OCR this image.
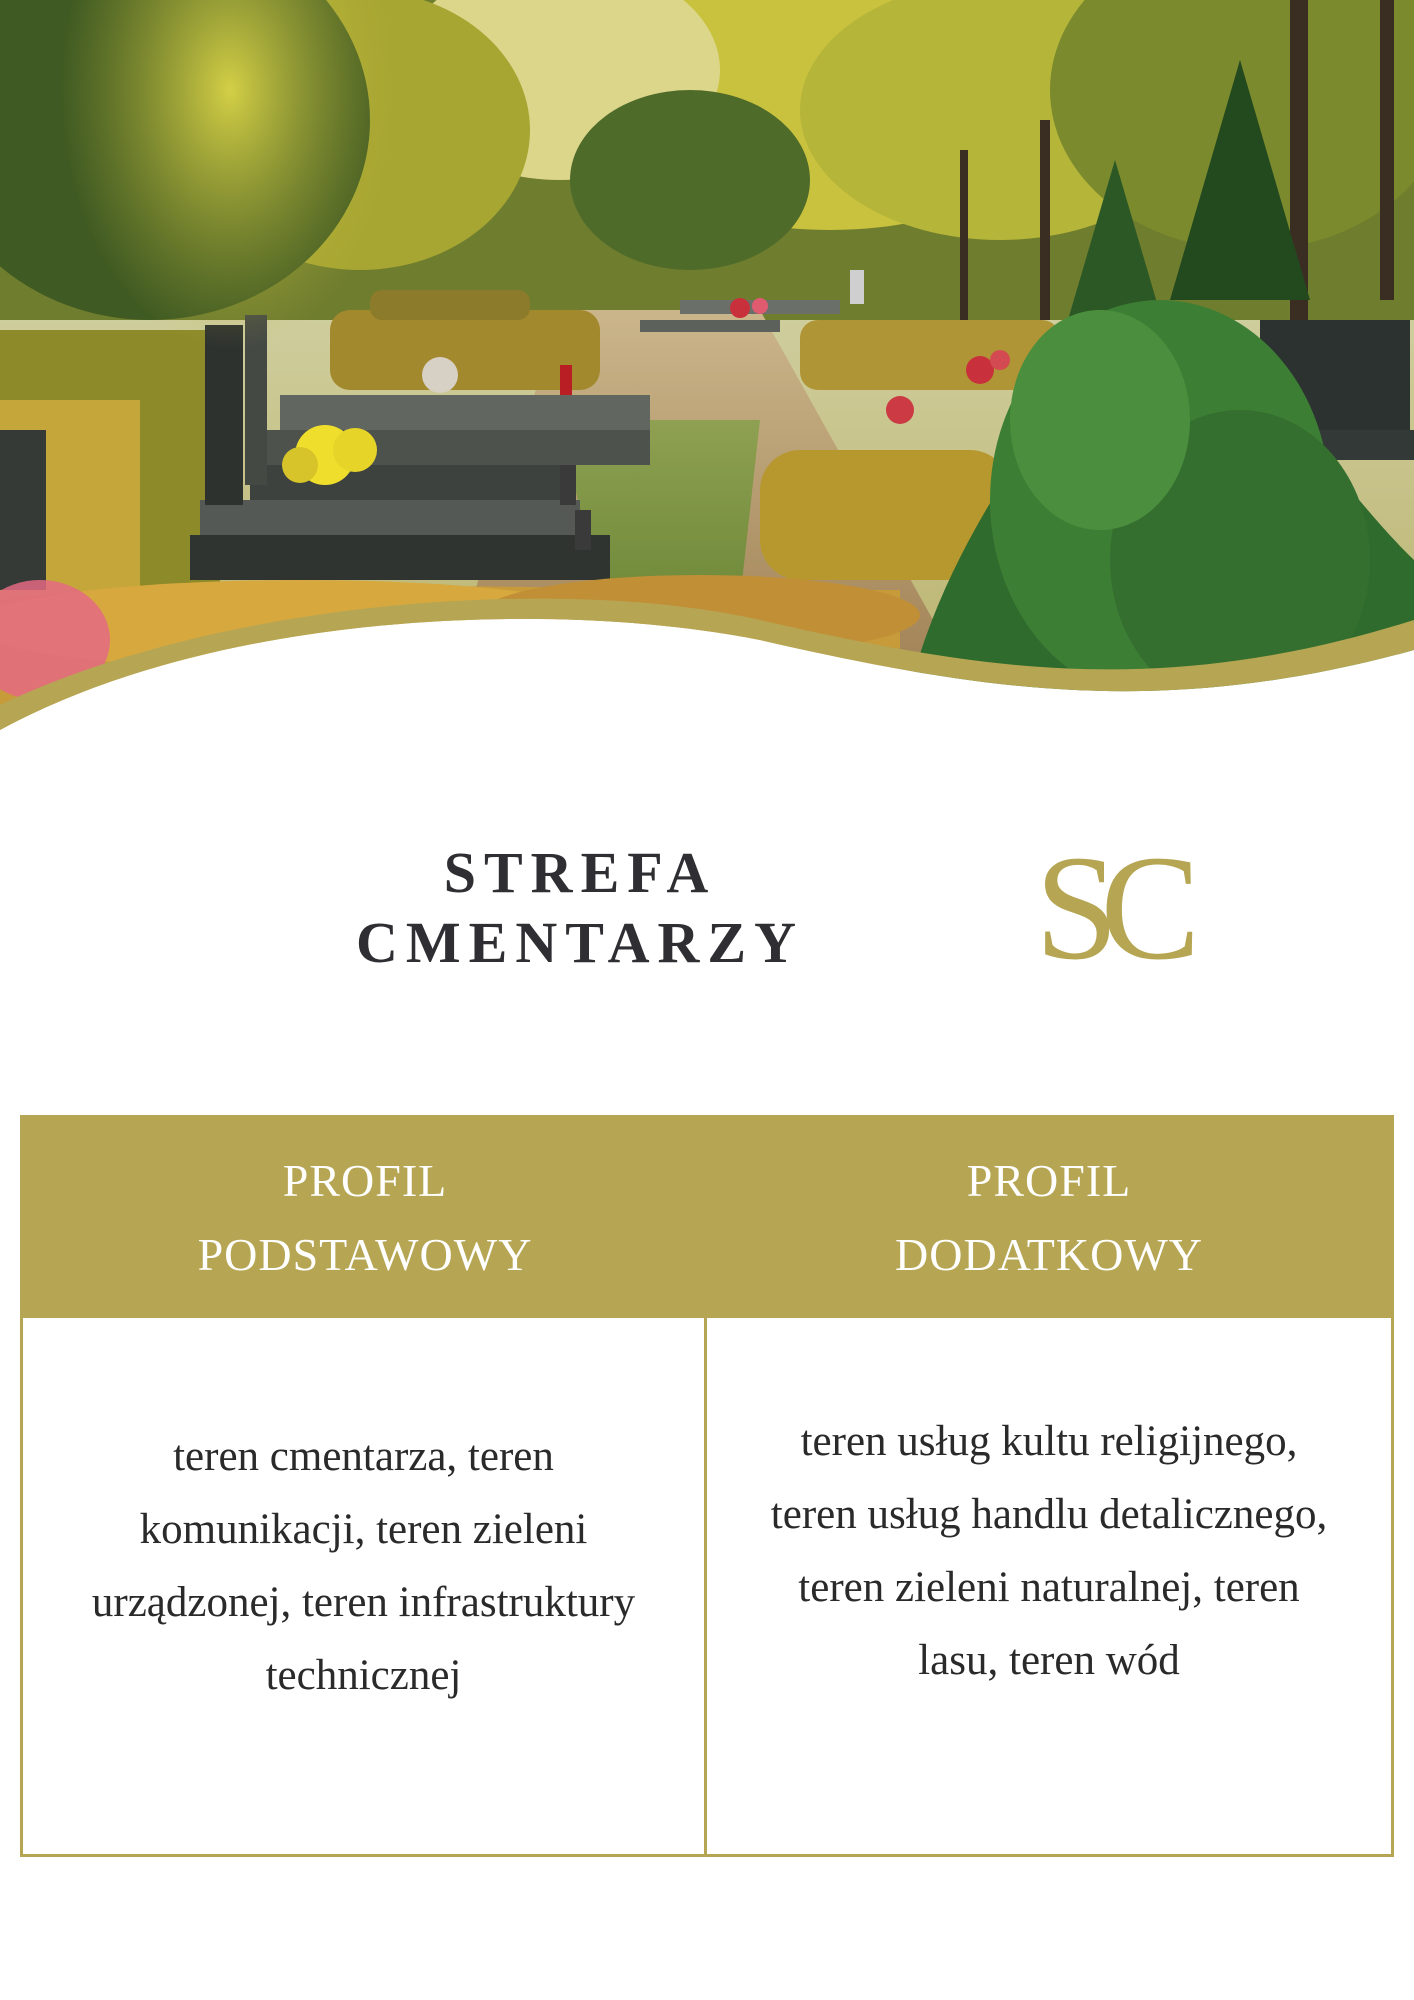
STREFA
CMENTARZY SC
PROFIL
PODSTAWOWY
PROFIL
DODATKOWY
teren cmentarza, teren komunikacji, teren zieleni urządzonej, teren infrastruktury technicznej
teren usług kultu religijnego, teren usług handlu detalicznego, teren zieleni naturalnej, teren lasu, teren wód
